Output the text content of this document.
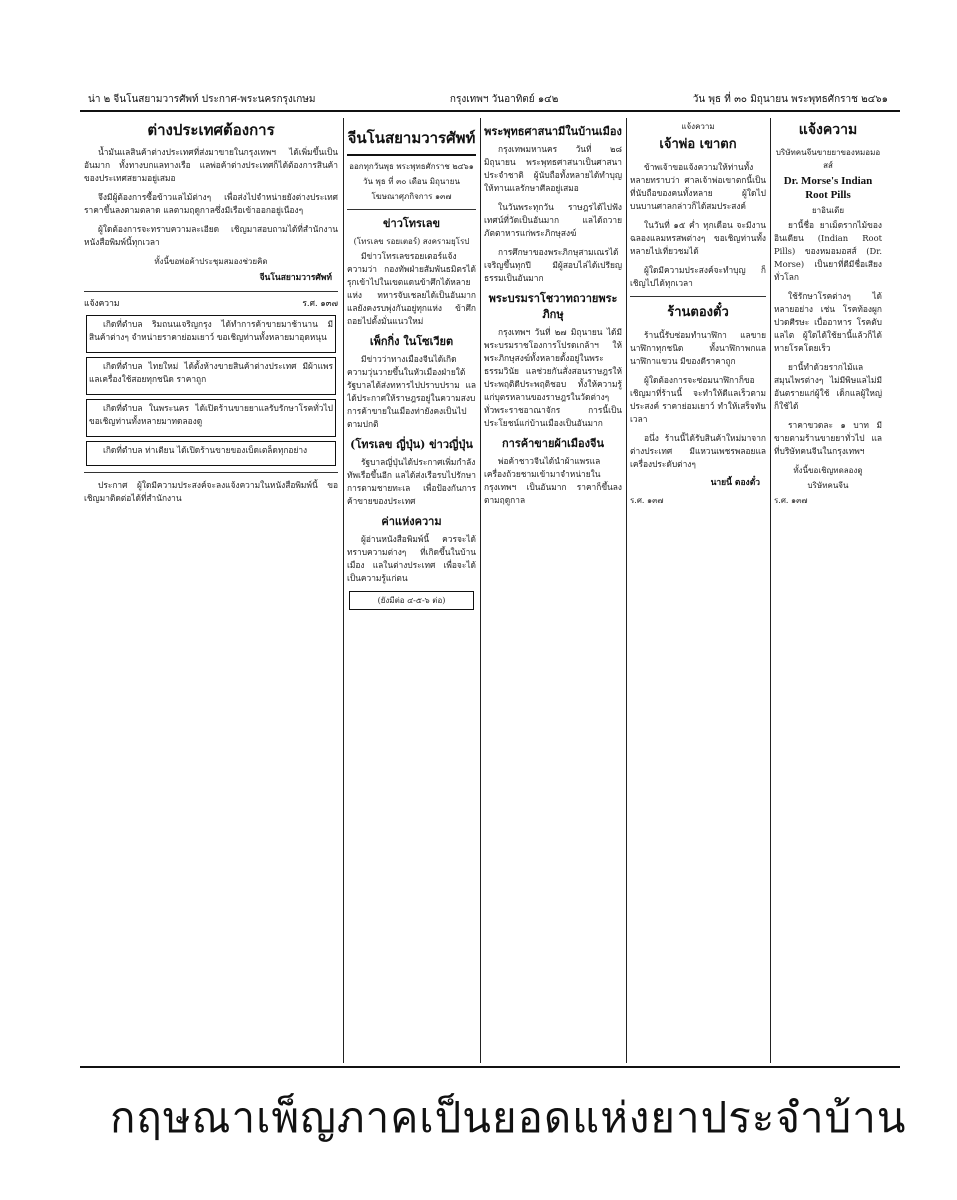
น่า ๒ จีนโนสยามวารศัพท์ ประกาศ-พระนครกรุงเกษม	กรุงเทพฯ วันอาทิตย์ ๑๔๒	วัน พุธ ที่ ๓๐ มิถุนายน พระพุทธศักราช ๒๔๖๑
ต่างประเทศต้องการ

น้ำมันแลสินค้าต่างประเทศที่ส่งมาขายในกรุงเทพฯ ได้เพิ่มขึ้นเป็นอันมาก ทั้งทางบกแลทางเรือ แลพ่อค้าต่างประเทศก็ได้ต้องการสินค้าของประเทศสยามอยู่เสมอ

จึงมีผู้ต้องการซื้อข้าวแลไม้ต่างๆ เพื่อส่งไปจำหน่ายยังต่างประเทศ ราคาขึ้นลงตามตลาด แลตามฤดูกาลซึ่งมีเรือเข้าออกอยู่เนืองๆ

ผู้ใดต้องการจะทราบความละเอียด เชิญมาสอบถามได้ที่สำนักงานหนังสือพิมพ์นี้ทุกเวลา

ทั้งนี้ขอพ่อค้าประชุมสมองช่วยคิด
จีนโนสยามวารศัพท์
แจ้งความ	ร.ศ. ๑๓๗

เกิดที่ตำบล ริมถนนเจริญกรุง ได้ทำการค้าขายมาช้านาน มีสินค้าต่างๆ จำหน่ายราคาย่อมเยาว์ ขอเชิญท่านทั้งหลายมาอุดหนุน

เกิดที่ตำบล ไทยใหม่ ได้ตั้งห้างขายสินค้าต่างประเทศ มีผ้าแพรแลเครื่องใช้สอยทุกชนิด ราคาถูก

เกิดที่ตำบล ในพระนคร ได้เปิดร้านขายยาแลรับรักษาโรคทั่วไป ขอเชิญท่านทั้งหลายมาทดลองดู

เกิดที่ตำบล ท่าเตียน ได้เปิดร้านขายของเบ็ดเตล็ดทุกอย่าง

ประกาศ ผู้ใดมีความประสงค์จะลงแจ้งความในหนังสือพิมพ์นี้ ขอเชิญมาติดต่อได้ที่สำนักงาน

จีนโนสยามวารศัพท์
ออกทุกวันพุธ พระพุทธศักราช ๒๔๖๑
วัน พุธ ที่ ๓๐ เดือน มิถุนายน
โฆษณาศุภกิจการ ๑๓๗
ข่าวโทรเลข
(โทรเลข รอยเตอร์) สงครามยุโรป

มีข่าวโทรเลขรอยเตอร์แจ้งความว่า กองทัพฝ่ายสัมพันธมิตรได้รุกเข้าไปในเขตแดนข้าศึกได้หลายแห่ง ทหารจับเชลยได้เป็นอันมาก แลยังคงรบพุ่งกันอยู่ทุกแห่ง ข้าศึกถอยไปตั้งมั่นแนวใหม่

เพ็กกิ่ง ในโซเวียต

มีข่าวว่าทางเมืองจีนได้เกิดความวุ่นวายขึ้นในหัวเมืองฝ่ายใต้ รัฐบาลได้ส่งทหารไปปราบปราม แลได้ประกาศให้ราษฎรอยู่ในความสงบ การค้าขายในเมืองท่ายังคงเป็นไปตามปกติ

(โทรเลข ญี่ปุ่น) ข่าวญี่ปุ่น

รัฐบาลญี่ปุ่นได้ประกาศเพิ่มกำลังทัพเรือขึ้นอีก แลได้ส่งเรือรบไปรักษาการตามชายทะเล เพื่อป้องกันการค้าขายของประเทศ

ค่าแห่งความ

ผู้อ่านหนังสือพิมพ์นี้ ควรจะได้ทราบความต่างๆ ที่เกิดขึ้นในบ้านเมือง แลในต่างประเทศ เพื่อจะได้เป็นความรู้แก่ตน

(ยังมีต่อ ๔-๕-๖ ต่อ)
พระพุทธศาสนามีในบ้านเมือง

กรุงเทพมหานคร วันที่ ๒๘ มิถุนายน พระพุทธศาสนาเป็นศาสนาประจำชาติ ผู้นับถือทั้งหลายได้ทำบุญให้ทานแลรักษาศีลอยู่เสมอ

ในวันพระทุกวัน ราษฎรได้ไปฟังเทศน์ที่วัดเป็นอันมาก แลได้ถวายภัตตาหารแก่พระภิกษุสงฆ์

การศึกษาของพระภิกษุสามเณรได้เจริญขึ้นทุกปี มีผู้สอบไล่ได้เปรียญธรรมเป็นอันมาก

พระบรมราโชวาทถวายพระภิกษุ

กรุงเทพฯ วันที่ ๒๗ มิถุนายน ได้มีพระบรมราชโองการโปรดเกล้าฯ ให้พระภิกษุสงฆ์ทั้งหลายตั้งอยู่ในพระธรรมวินัย แลช่วยกันสั่งสอนราษฎรให้ประพฤติดีประพฤติชอบ ทั้งให้ความรู้แก่บุตรหลานของราษฎรในวัดต่างๆ ทั่วพระราชอาณาจักร การนี้เป็นประโยชน์แก่บ้านเมืองเป็นอันมาก

การค้าขายผ้าเมืองจีน

พ่อค้าชาวจีนได้นำผ้าแพรแลเครื่องถ้วยชามเข้ามาจำหน่ายในกรุงเทพฯ เป็นอันมาก ราคาก็ขึ้นลงตามฤดูกาล

แจ้งความ
เจ้าพ่อ เขาตก

ข้าพเจ้าขอแจ้งความให้ท่านทั้งหลายทราบว่า ศาลเจ้าพ่อเขาตกนี้เป็นที่นับถือของคนทั้งหลาย ผู้ใดไปบนบานศาลกล่าวก็ได้สมประสงค์

ในวันที่ ๑๕ ค่ำ ทุกเดือน จะมีงานฉลองแลมหรสพต่างๆ ขอเชิญท่านทั้งหลายไปเที่ยวชมได้

ผู้ใดมีความประสงค์จะทำบุญ ก็เชิญไปได้ทุกเวลา

ร้านตองตั๋ว

ร้านนี้รับซ่อมทำนาฬิกา แลขายนาฬิกาทุกชนิด ทั้งนาฬิกาพกแลนาฬิกาแขวน มีของดีราคาถูก

ผู้ใดต้องการจะซ่อมนาฬิกาก็ขอเชิญมาที่ร้านนี้ จะทำให้ดีแลเร็วตามประสงค์ ราคาย่อมเยาว์ ทำให้เสร็จทันเวลา

อนึ่ง ร้านนี้ได้รับสินค้าใหม่มาจากต่างประเทศ มีแหวนเพชรพลอยแลเครื่องประดับต่างๆ

นายนี้ ตองตั๋ว
ร.ศ. ๑๓๗
แจ้งความ
บริษัทคนจีนขายยาของหมอมอสส์
Dr. Morse's Indian Root Pills
ยาอินเดีย

ยานี้ชื่อ ยาเม็ดรากไม้ของอินเดียน (Indian Root Pills) ของหมอมอสส์ (Dr. Morse) เป็นยาที่ดีมีชื่อเสียงทั่วโลก

ใช้รักษาโรคต่างๆ ได้หลายอย่าง เช่น โรคท้องผูก ปวดศีรษะ เบื่ออาหาร โรคตับแลไต ผู้ใดได้ใช้ยานี้แล้วก็ได้หายโรคโดยเร็ว

ยานี้ทำด้วยรากไม้แลสมุนไพรต่างๆ ไม่มีพิษแลไม่มีอันตรายแก่ผู้ใช้ เด็กแลผู้ใหญ่ก็ใช้ได้

ราคาขวดละ ๑ บาท มีขายตามร้านขายยาทั่วไป แลที่บริษัทคนจีนในกรุงเทพฯ

ทั้งนี้ขอเชิญทดลองดู
บริษัทคนจีน
ร.ศ. ๑๓๗
กฤษณาเพ็ญภาคเป็นยอดแห่งยาประจำบ้าน
